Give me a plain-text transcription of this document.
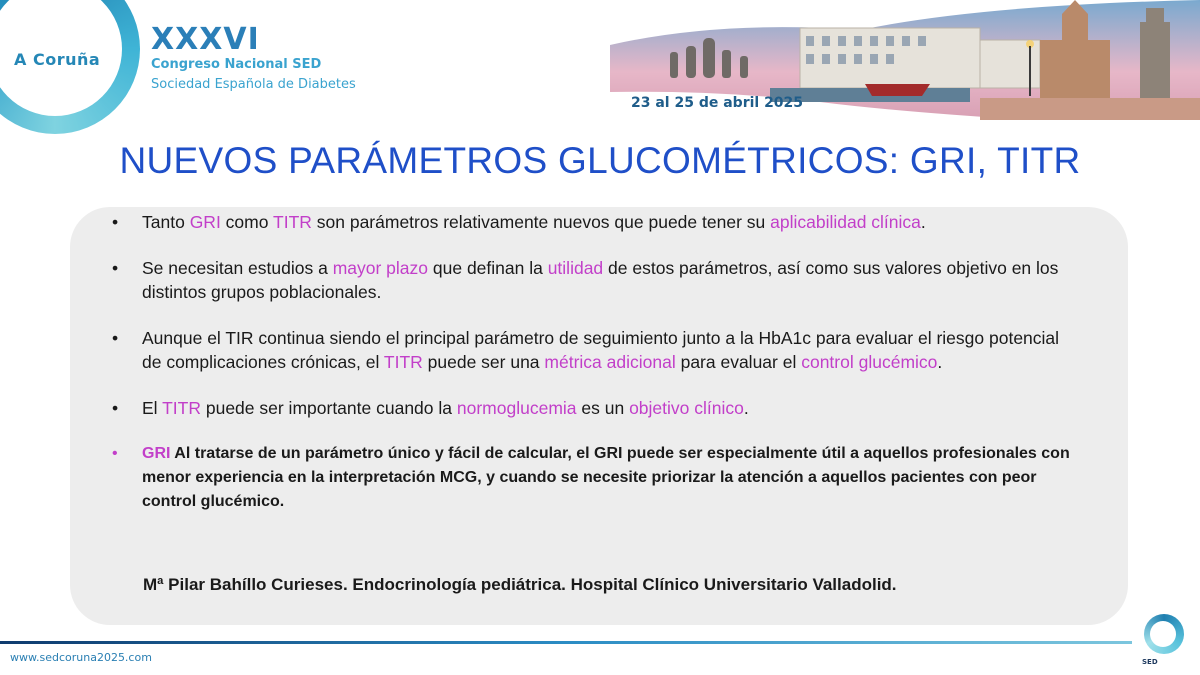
A Coruña
XXXVI
Congreso Nacional SED
Sociedad Española de Diabetes
23 al 25 de abril 2025
NUEVOS PARÁMETROS GLUCOMÉTRICOS: GRI, TITR
• Tanto GRI como TITR son parámetros relativamente nuevos que puede tener su aplicabilidad clínica.
• Se necesitan estudios a mayor plazo que definan la utilidad de estos parámetros, así como sus valores objetivo en los distintos grupos poblacionales.
• Aunque el TIR continua siendo el principal parámetro de seguimiento junto a la HbA1c para evaluar el riesgo potencial de complicaciones crónicas, el TITR puede ser una métrica adicional para evaluar el control glucémico.
• El TITR puede ser importante cuando la normoglucemia es un objetivo clínico.
• GRI Al tratarse de un parámetro único y fácil de calcular, el GRI puede ser especialmente útil a aquellos profesionales con menor experiencia en la interpretación MCG, y cuando se necesite priorizar la atención a aquellos pacientes con peor control glucémico.
Mª Pilar Bahíllo Curieses. Endocrinología pediátrica. Hospital Clínico Universitario Valladolid.
www.sedcoruna2025.com	SED
